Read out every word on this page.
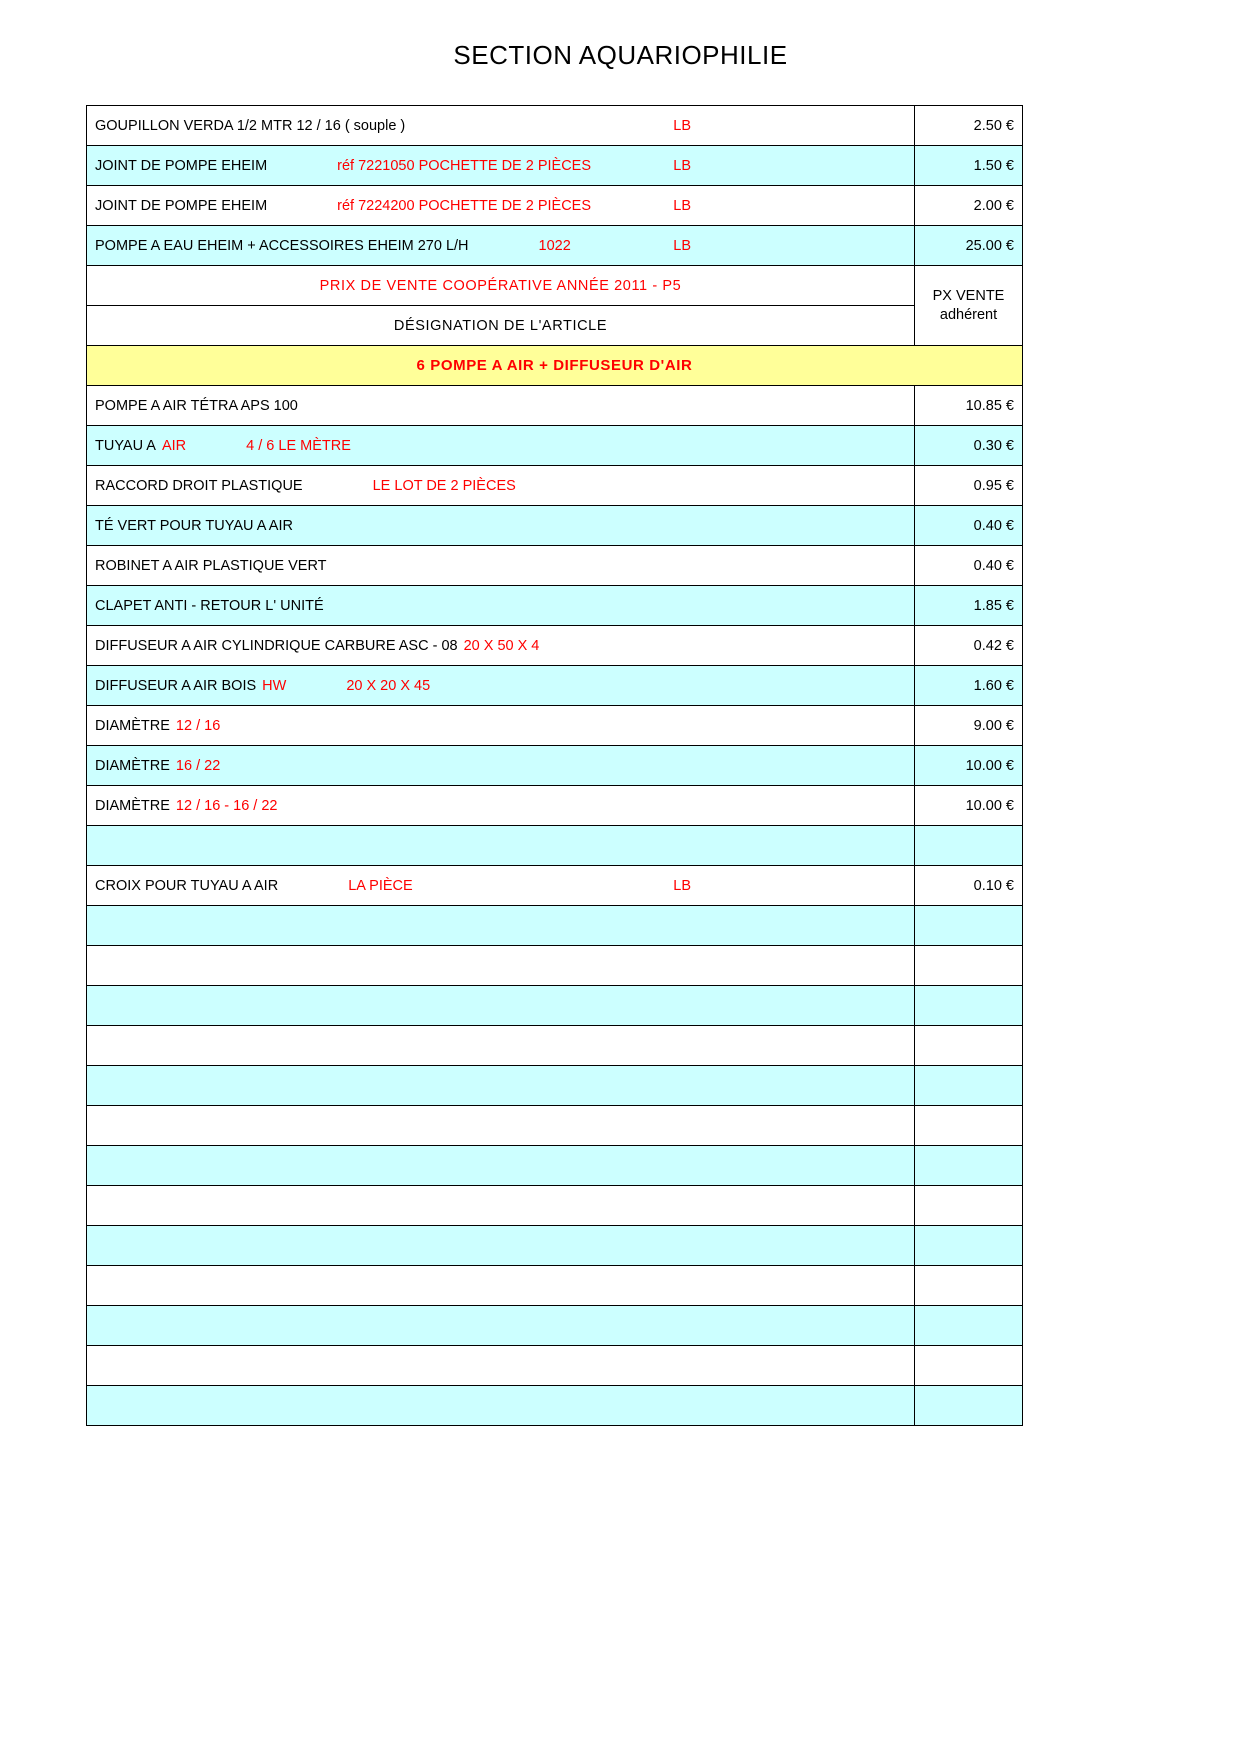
SECTION AQUARIOPHILIE
GOUPILLON VERDA 1/2 MTR 12 / 16 ( souple ) LB	2.50 €

JOINT DE POMPE EHEIM réf 7221050 POCHETTE DE 2 PIÈCES LB	1.50 €

JOINT DE POMPE EHEIM réf 7224200 POCHETTE DE 2 PIÈCES LB	2.00 €

POMPE A EAU EHEIM + ACCESSOIRES EHEIM 270 L/H 1022 LB	25.00 €
PRIX DE VENTE COOPÉRATIVE ANNÉE 2011 - P5	PX VENTE
adhérent

DÉSIGNATION DE L'ARTICLE	
6 POMPE A AIR + DIFFUSEUR D'AIR	

POMPE A AIR TÉTRA APS 100	10.85 €

TUYAU A AIR 4 / 6 LE MÈTRE	0.30 €

RACCORD DROIT PLASTIQUE LE LOT DE 2 PIÈCES	0.95 €

TÉ VERT POUR TUYAU A AIR	0.40 €

ROBINET A AIR PLASTIQUE VERT	0.40 €

CLAPET ANTI - RETOUR L' UNITÉ	1.85 €

DIFFUSEUR A AIR CYLINDRIQUE CARBURE ASC - 08 20 X 50 X 4	0.42 €

DIFFUSEUR A AIR BOIS HW 20 X 20 X 45	1.60 €

DIAMÈTRE 12 / 16	9.00 €

DIAMÈTRE 16 / 22	10.00 €

DIAMÈTRE 12 / 16 - 16 / 22	10.00 €

CROIX POUR TUYAU A AIR LA PIÈCE LB	0.10 €
